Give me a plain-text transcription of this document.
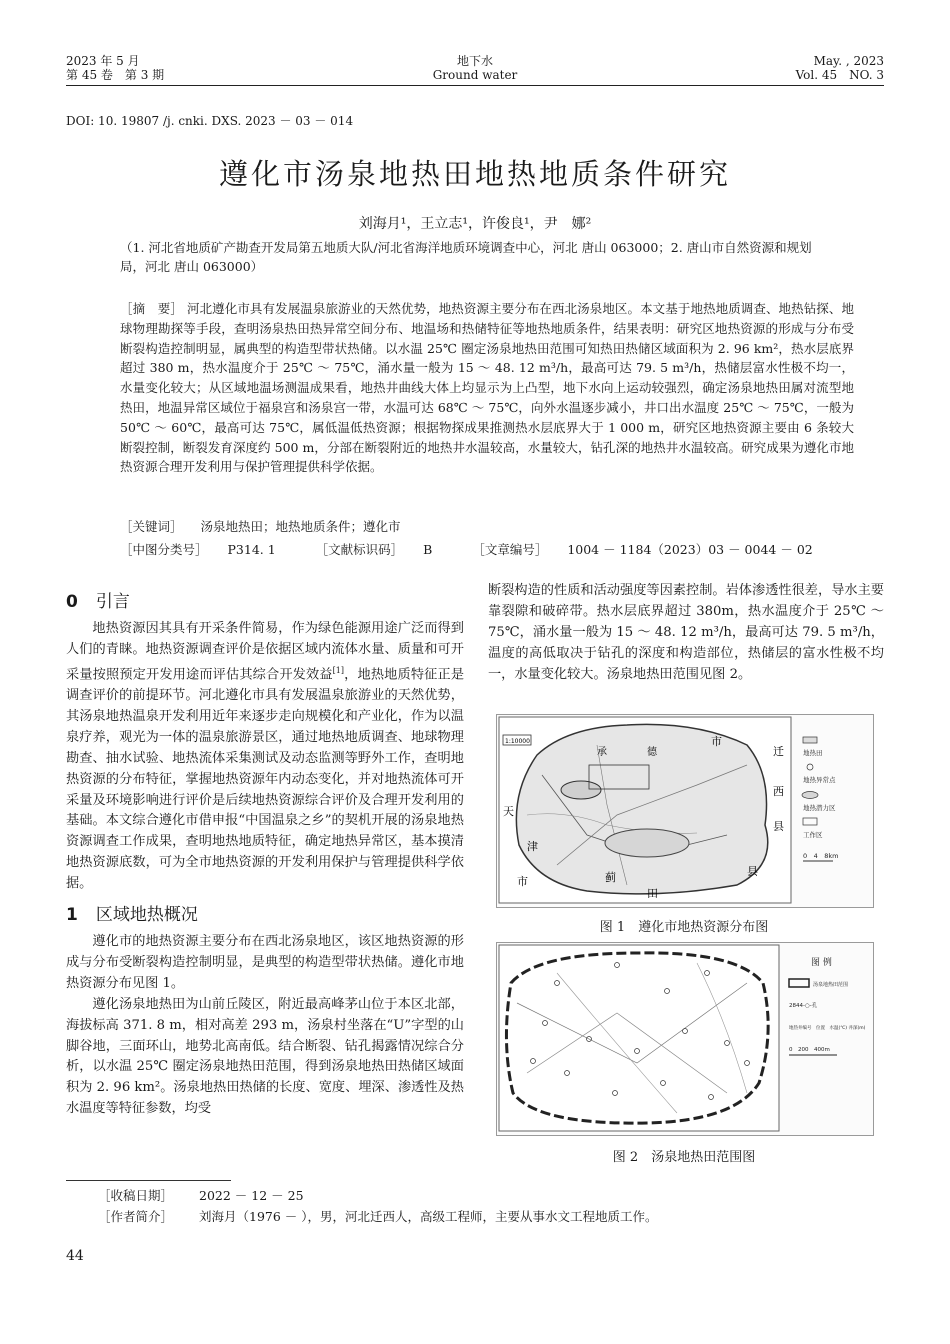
2023 年 5 月
第 45 卷　第 3 期
地下水
Ground water
May. , 2023
Vol. 45　NO. 3
DOI: 10. 19807 /j. cnki. DXS. 2023 － 03 － 014
遵化市汤泉地热田地热地质条件研究
刘海月¹，王立志¹，许俊良¹，尹　娜²
（1. 河北省地质矿产勘查开发局第五地质大队/河北省海洋地质环境调查中心，河北 唐山 063000；2. 唐山市自然资源和规划局，河北 唐山 063000）
［摘　要］ 河北遵化市具有发展温泉旅游业的天然优势，地热资源主要分布在西北汤泉地区。本文基于地热地质调查、地热钻探、地球物理勘探等手段，查明汤泉热田热异常空间分布、地温场和热储特征等地热地质条件，结果表明：研究区地热资源的形成与分布受断裂构造控制明显，属典型的构造型带状热储。以水温 25℃ 圈定汤泉地热田范围可知热田热储区域面积为 2. 96 km²，热水层底界超过 380 m，热水温度介于 25℃ ～ 75℃，涌水量一般为 15 ～ 48. 12 m³/h，最高可达 79. 5 m³/h，热储层富水性极不均一，水量变化较大；从区域地温场测温成果看，地热井曲线大体上均显示为上凸型，地下水向上运动较强烈，确定汤泉地热田属对流型地热田，地温异常区域位于福泉宫和汤泉宫一带，水温可达 68℃ ～ 75℃，向外水温逐步减小，井口出水温度 25℃ ～ 75℃，一般为 50℃ ～ 60℃，最高可达 75℃，属低温低热资源；根据物探成果推测热水层底界大于 1 000 m，研究区地热资源主要由 6 条较大断裂控制，断裂发育深度约 500 m，分部在断裂附近的地热井水温较高，水量较大，钻孔深的地热井水温较高。研究成果为遵化市地热资源合理开发利用与保护管理提供科学依据。
［关键词］ 汤泉地热田；地热地质条件；遵化市
［中图分类号］ P314. 1	［文献标识码］ B	［文章编号］ 1004 － 1184（2023）03 － 0044 － 02
0 引言

地热资源因其具有开采条件简易，作为绿色能源用途广泛而得到人们的青睐。地热资源调查评价是依据区域内流体水量、质量和可开采量按照预定开发用途而评估其综合开发效益[1]，地热地质特征正是调查评价的前提环节。河北遵化市具有发展温泉旅游业的天然优势，其汤泉地热温泉开发利用近年来逐步走向规模化和产业化，作为以温泉疗养，观光为一体的温泉旅游景区，通过地热地质调查、地球物理勘查、抽水试验、地热流体采集测试及动态监测等野外工作，查明地热资源的分布特征，掌握地热资源年内动态变化，并对地热流体可开采量及环境影响进行评价是后续地热资源综合评价及合理开发利用的基础。本文综合遵化市借申报“中国温泉之乡”的契机开展的汤泉地热资源调查工作成果，查明地热地质特征，确定地热异常区，基本摸清地热资源底数，可为全市地热资源的开发利用保护与管理提供科学依据。

1 区域地热概况

遵化市的地热资源主要分布在西北汤泉地区，该区地热资源的形成与分布受断裂构造控制明显，是典型的构造型带状热储。遵化市地热资源分布见图 1。

遵化汤泉地热田为山前丘陵区，附近最高峰茅山位于本区北部，海拔标高 371. 8 m，相对高差 293 m，汤泉村坐落在“U”字型的山脚谷地，三面环山，地势北高南低。结合断裂、钻孔揭露情况综合分析，以水温 25℃ 圈定汤泉地热田范围，得到汤泉地热田热储区域面积为 2. 96 km²。汤泉地热田热储的长度、宽度、埋深、渗透性及热水温度等特征参数，均受

断裂构造的性质和活动强度等因素控制。岩体渗透性很差，导水主要靠裂隙和破碎带。热水层底界超过 380m，热水温度介于 25℃ ～ 75℃，涌水量一般为 15 ～ 48. 12 m³/h，最高可达 79. 5 m³/h，温度的高低取决于钻孔的深度和构造部位，热储层的富水性极不均一，水量变化较大。汤泉地热田范围见图 2。

1:10000	市
迁
西
县
天
津
市
田
县
蓟
承	德	地热田
地热异常点
地热潜力区
工作区
0　4　8km
图 1　遵化市地热资源分布图
图 例
汤泉地热田范围
2844-○-孔
地热井编号　位置　水温(℃) 井深(m)
0　200　400m
图 2　汤泉地热田范围图
［收稿日期］ 2022 － 12 － 25
［作者简介］ 刘海月（1976 － ），男，河北迁西人，高级工程师，主要从事水文工程地质工作。
44
